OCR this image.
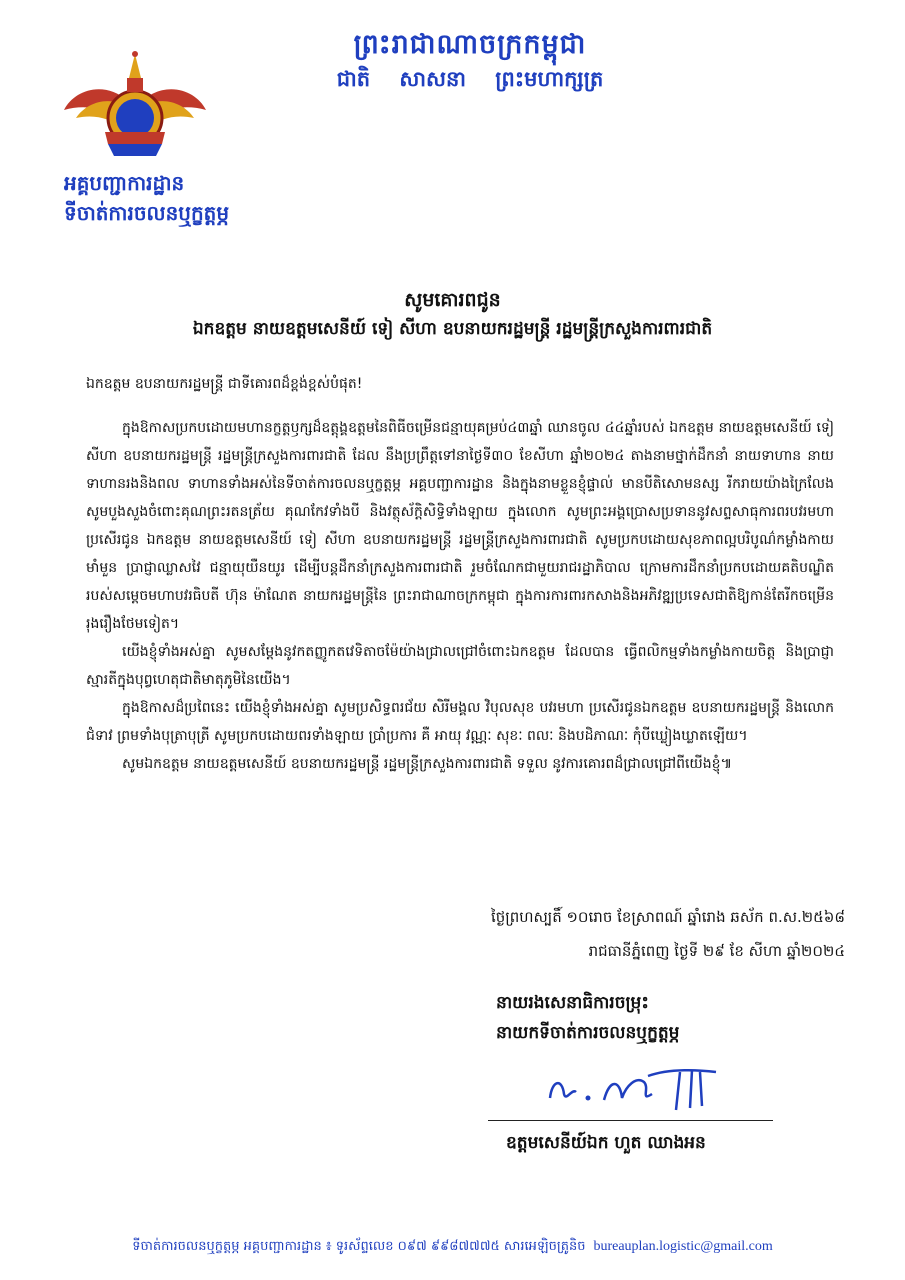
ព្រះរាជាណាចក្រកម្ពុជា
ជាតិ សាសនា ព្រះមហាក្សត្រ
អគ្គបញ្ជាការដ្ឋាន
ទីចាត់ការចលនឬក្ខត្តម្ភ
សូមគោរពជូន
ឯកឧត្តម នាយឧត្តមសេនីយ៍ ទៀ សីហា ឧបនាយករដ្ឋមន្ត្រី រដ្ឋមន្ត្រីក្រសួងការពារជាតិ

ឯកឧត្តម ឧបនាយករដ្ឋមន្ត្រី ជាទីគោរពដ៏ខ្ពង់ខ្ពស់បំផុត!

ក្នុងឱកាសប្រកបដោយមហានក្ខត្តឫក្សដ៏ឧត្តុង្គឧត្តមនៃពិធីចម្រើនជន្មាយុគម្រប់៤៣ឆ្នាំ ឈានចូល ៤៤ឆ្នាំរបស់ ឯកឧត្តម នាយឧត្តមសេនីយ៍ ទៀ សីហា ឧបនាយករដ្ឋមន្ត្រី រដ្ឋមន្ត្រីក្រសួងការពារជាតិ ដែល នឹងប្រព្រឹត្តទៅនាថ្ងៃទី៣០ ខែសីហា ឆ្នាំ២០២៤ តាងនាមថ្នាក់ដឹកនាំ នាយទាហាន នាយទាហានរងនិងពល ទាហានទាំងអស់នៃទីចាត់ការចលនឬក្ខត្តម្ភ អគ្គបញ្ជាការដ្ឋាន និងក្នុងនាមខ្លួនខ្ញុំផ្ទាល់ មានបីតិសោមនស្ស រីករាយយ៉ាងក្រៃលែង សូមបួងសួងចំពោះគុណព្រះរតនត្រ័យ គុណកែវទាំងបី និងវត្ថុស័ក្តិសិទ្ធិទាំងឡាយ ក្នុងលោក សូមព្រះអង្គប្រោសប្រទាននូវសព្ទសាធុការពរបវរមហាប្រសើរជូន ឯកឧត្តម នាយឧត្តមសេនីយ៍ ទៀ សីហា ឧបនាយករដ្ឋមន្ត្រី រដ្ឋមន្ត្រីក្រសួងការពារជាតិ សូមប្រកបដោយសុខភាពល្អបរិបូណ៌កម្លាំងកាយ មាំមួន ប្រាជ្ញាឈ្លាសវៃ ជន្មាយុយឺនយូរ ដើម្បីបន្តដឹកនាំក្រសួងការពារជាតិ រួមចំណែកជាមួយរាជរដ្ឋាភិបាល ក្រោមការដឹកនាំប្រកបដោយគតិបណ្ឌិតរបស់សម្តេចមហាបវរធិបតី ហ៊ុន ម៉ាណែត នាយករដ្ឋមន្ត្រីនៃ ព្រះរាជាណាចក្រកម្ពុជា ក្នុងការការពារកសាងនិងអភិវឌ្ឍប្រទេសជាតិឱ្យកាន់តែរីកចម្រើនរុងរឿងថែមទៀត។

យើងខ្ញុំទាំងអស់គ្នា សូមសម្តែងនូវកតញ្ញូកតវេទិតាចម៉ែយ៉ាងជ្រាលជ្រៅចំពោះឯកឧត្តម ដែលបាន ធ្វើពលិកម្មទាំងកម្លាំងកាយចិត្ត និងប្រាជ្ញាស្មារតីក្នុងបុព្វហេតុជាតិមាតុភូមិនៃយើង។

ក្នុងឱកាសដ៏ប្រពៃនេះ យើងខ្ញុំទាំងអស់គ្នា សូមប្រសិទ្ធពរជ័យ សិរីមង្គល វិបុលសុខ បវរមហា ប្រសើរជូនឯកឧត្តម ឧបនាយករដ្ឋមន្ត្រី និងលោកជំទាវ ព្រមទាំងបុត្រាបុត្រី សូមប្រកបដោយពរទាំងឡាយ ប្រាំប្រការ គឺ អាយុ វណ្ណៈ សុខៈ ពលៈ និងបដិភាណៈ កុំបីឃ្លៀងឃ្លាតឡើយ។

សូមឯកឧត្តម នាយឧត្តមសេនីយ៍ ឧបនាយករដ្ឋមន្ត្រី រដ្ឋមន្ត្រីក្រសួងការពារជាតិ ទទួល នូវការគោរពដ៏ជ្រាលជ្រៅពីយើងខ្ញុំ៕

ថ្ងៃព្រហស្បតិ៍ ១០រោច ខែស្រាពណ៍ ឆ្នាំរោង ឆស័ក ព.ស.២៥៦៨
រាជធានីភ្នំពេញ ថ្ងៃទី ២៩ ខែ សីហា ឆ្នាំ២០២៤
នាយរងសេនាធិការចម្រុះ
នាយកទីចាត់ការចលនឬក្ខត្តម្ភ
ឧត្តមសេនីយ៍ឯក ហួត ឈាងអន
ទីចាត់ការចលនឬក្ខត្តម្ភ អគ្គបញ្ជាការដ្ឋាន ៖ ទូរស័ព្ទលេខ ០៩៧ ៩៩៨៧៧៧៥ សារអេឡិចត្រូនិច bureauplan.logistic@gmail.com
